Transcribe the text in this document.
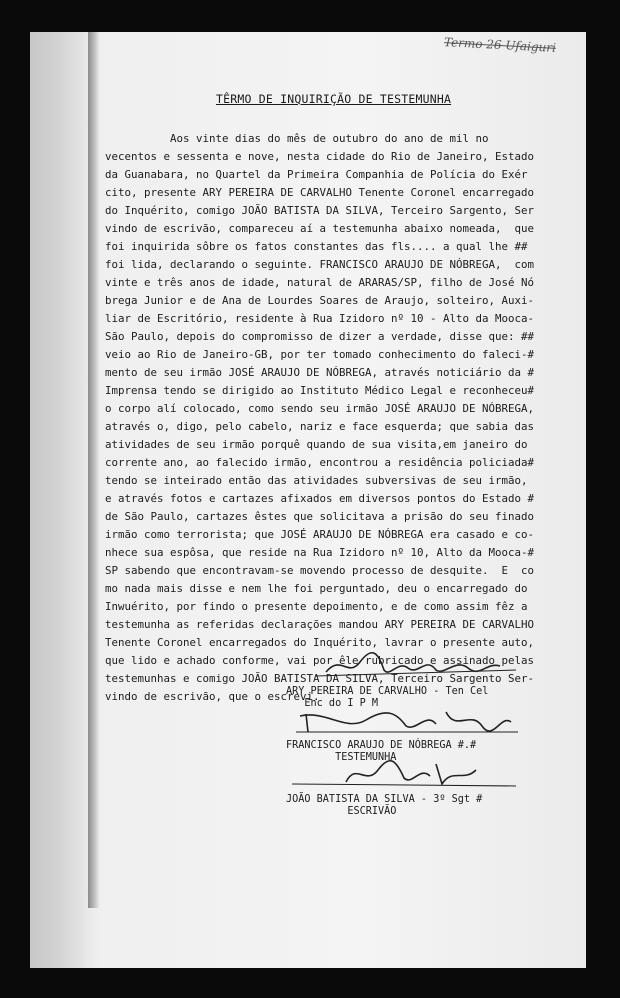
Termo 26 Ufaiguri
TÊRMO DE INQUIRIÇÃO DE TESTEMUNHA
Aos vinte dias do mês de outubro do ano de mil no
vecentos e sessenta e nove, nesta cidade do Rio de Janeiro, Estado
da Guanabara, no Quartel da Primeira Companhia de Polícia do Exér
cito, presente ARY PEREIRA DE CARVALHO Tenente Coronel encarregado
do Inquérito, comigo JOÃO BATISTA DA SILVA, Terceiro Sargento, Ser
vindo de escrivão, compareceu aí a testemunha abaixo nomeada,  que
foi inquirida sôbre os fatos constantes das fls.... a qual lhe ##
foi lida, declarando o seguinte. FRANCISCO ARAUJO DE NÓBREGA,  com
vinte e três anos de idade, natural de ARARAS/SP, filho de José Nó
brega Junior e de Ana de Lourdes Soares de Araujo, solteiro, Auxi-
liar de Escritório, residente à Rua Izidoro nº 10 - Alto da Mooca-
São Paulo, depois do compromisso de dizer a verdade, disse que: ##
veio ao Rio de Janeiro-GB, por ter tomado conhecimento do faleci-#
mento de seu irmão JOSÉ ARAUJO DE NÓBREGA, através noticiário da #
Imprensa tendo se dirigido ao Instituto Médico Legal e reconheceu#
o corpo alí colocado, como sendo seu irmão JOSÉ ARAUJO DE NÓBREGA,
através o, digo, pelo cabelo, nariz e face esquerda; que sabia das
atividades de seu irmão porquê quando de sua visita,em janeiro do
corrente ano, ao falecido irmão, encontrou a residência policiada#
tendo se inteirado então das atividades subversivas de seu irmão,
e através fotos e cartazes afixados em diversos pontos do Estado #
de São Paulo, cartazes êstes que solicitava a prisão do seu finado
irmão como terrorista; que JOSÉ ARAUJO DE NÓBREGA era casado e co-
nhece sua espôsa, que reside na Rua Izidoro nº 10, Alto da Mooca-#
SP sabendo que encontravam-se movendo processo de desquite.  E  co
mo nada mais disse e nem lhe foi perguntado, deu o encarregado do
Inwuérito, por findo o presente depoimento, e de como assim fêz a
testemunha as referidas declarações mandou ARY PEREIRA DE CARVALHO
Tenente Coronel encarregados do Inquérito, lavrar o presente auto,
que lido e achado conforme, vai por êle rubricado e assinado pelas
testemunhas e comigo JOÃO BATISTA DA SILVA, Terceiro Sargento Ser-
vindo de escrivão, que o escrevi.
ARY PEREIRA DE CARVALHO - Ten Cel
Enc do I P M
FRANCISCO ARAUJO DE NÓBREGA #.#
TESTEMUNHA
JOÃO BATISTA DA SILVA - 3º Sgt #
ESCRIVÃO
